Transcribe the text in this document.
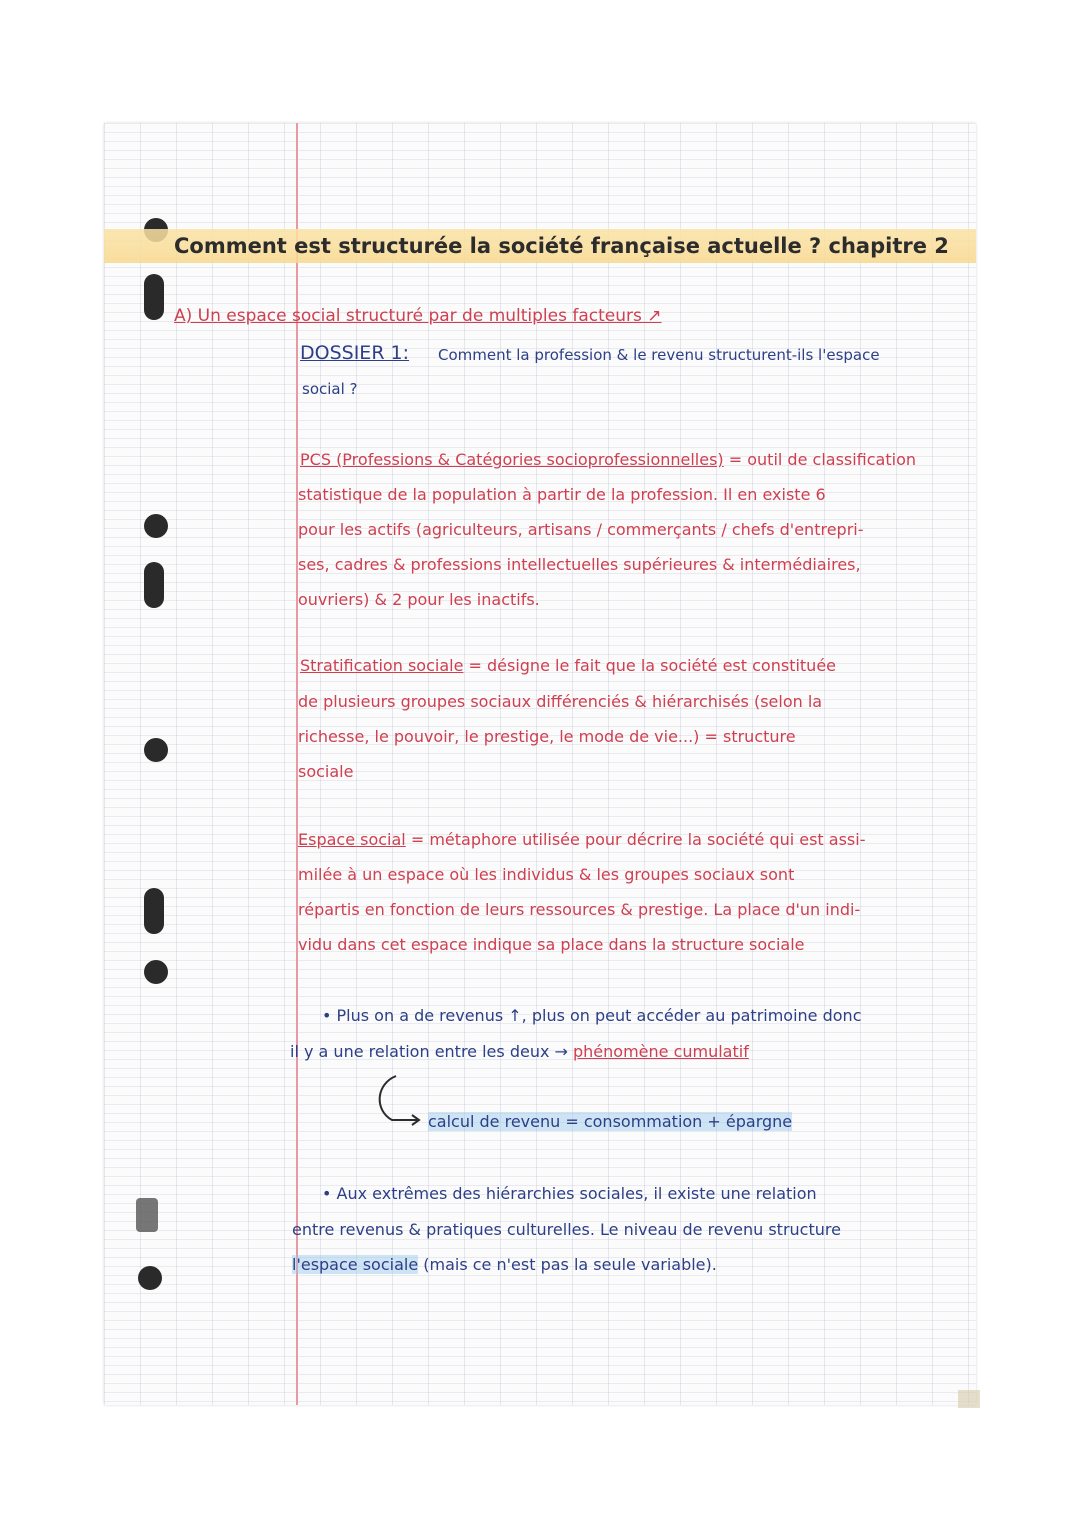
Comment est structurée la société française actuelle ? chapitre 2
A) Un espace social structuré par de multiples facteurs ↗
DOSSIER 1: Comment la profession & le revenu structurent-ils l'espace
social ?
PCS (Professions & Catégories socioprofessionnelles) = outil de classification
statistique de la population à partir de la profession. Il en existe 6
pour les actifs (agriculteurs, artisans / commerçants / chefs d'entrepri-
ses, cadres & professions intellectuelles supérieures & intermédiaires,
ouvriers) & 2 pour les inactifs.
Stratification sociale = désigne le fait que la société est constituée
de plusieurs groupes sociaux différenciés & hiérarchisés (selon la
richesse, le pouvoir, le prestige, le mode de vie...) = structure
sociale
Espace social = métaphore utilisée pour décrire la société qui est assi-
milée à un espace où les individus & les groupes sociaux sont
répartis en fonction de leurs ressources & prestige. La place d'un indi-
vidu dans cet espace indique sa place dans la structure sociale
• Plus on a de revenus ↑, plus on peut accéder au patrimoine donc
il y a une relation entre les deux → phénomène cumulatif
calcul de revenu = consommation + épargne
• Aux extrêmes des hiérarchies sociales, il existe une relation
entre revenus & pratiques culturelles. Le niveau de revenu structure
l'espace sociale (mais ce n'est pas la seule variable).
